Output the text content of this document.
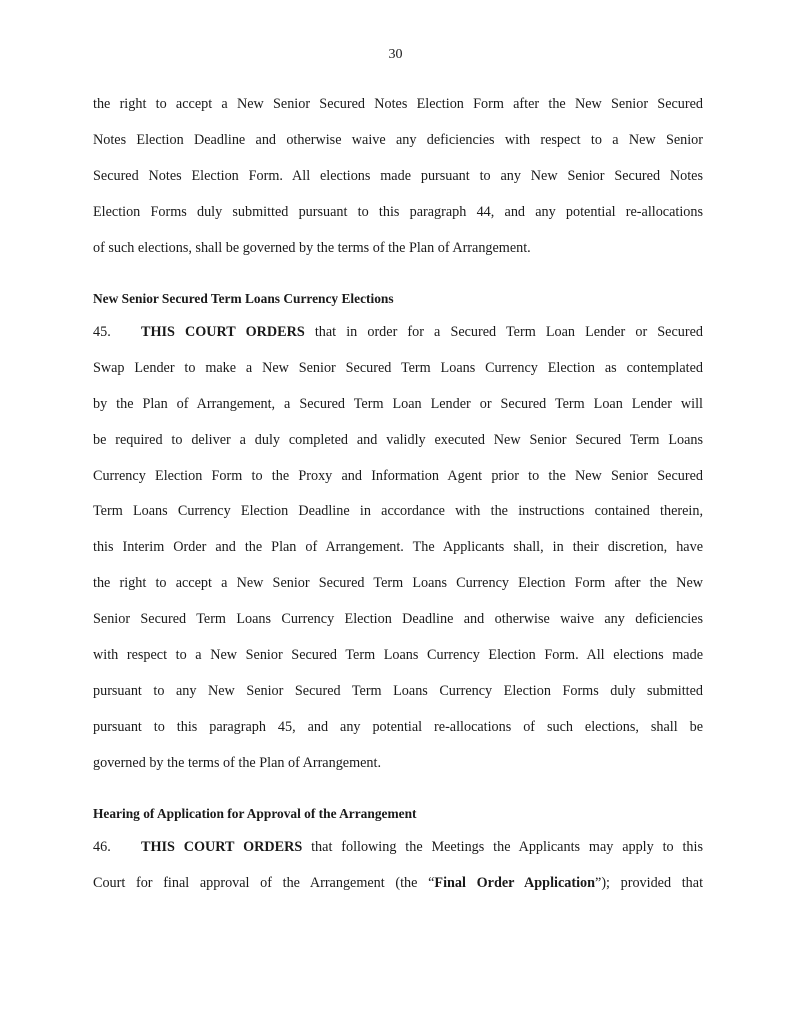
30
the right to accept a New Senior Secured Notes Election Form after the New Senior Secured
Notes Election Deadline and otherwise waive any deficiencies with respect to a New Senior
Secured Notes Election Form. All elections made pursuant to any New Senior Secured Notes
Election Forms duly submitted pursuant to this paragraph 44, and any potential re-allocations
of such elections, shall be governed by the terms of the Plan of Arrangement.
New Senior Secured Term Loans Currency Elections
45. THIS COURT ORDERS that in order for a Secured Term Loan Lender or Secured
Swap Lender to make a New Senior Secured Term Loans Currency Election as contemplated
by the Plan of Arrangement, a Secured Term Loan Lender or Secured Term Loan Lender will
be required to deliver a duly completed and validly executed New Senior Secured Term Loans
Currency Election Form to the Proxy and Information Agent prior to the New Senior Secured
Term Loans Currency Election Deadline in accordance with the instructions contained therein,
this Interim Order and the Plan of Arrangement. The Applicants shall, in their discretion, have
the right to accept a New Senior Secured Term Loans Currency Election Form after the New
Senior Secured Term Loans Currency Election Deadline and otherwise waive any deficiencies
with respect to a New Senior Secured Term Loans Currency Election Form. All elections made
pursuant to any New Senior Secured Term Loans Currency Election Forms duly submitted
pursuant to this paragraph 45, and any potential re-allocations of such elections, shall be
governed by the terms of the Plan of Arrangement.
Hearing of Application for Approval of the Arrangement
46. THIS COURT ORDERS that following the Meetings the Applicants may apply to this
Court for final approval of the Arrangement (the “Final Order Application”); provided that
